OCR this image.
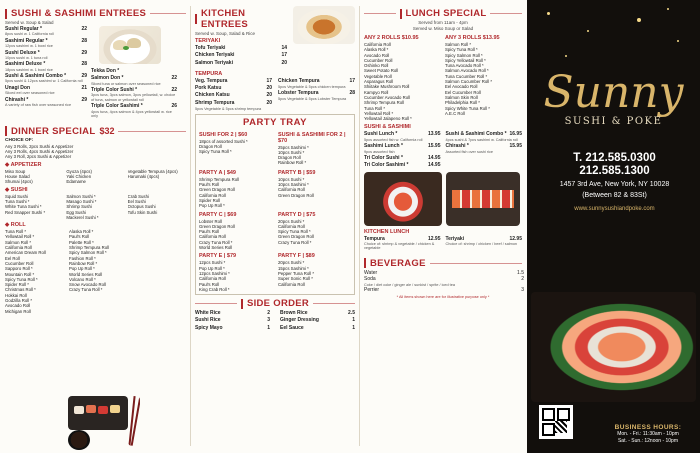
SUSHI & SASHIMI ENTREES
Served w. Soup & Salad
Sushi Regular *	22
8pcs sushi w. 1 California roll
Sashimi Regular *	28
12pcs sashimi w. 1 bowl rice
Sushi Deluxe *	29
10pcs sushi w. 1 tuna roll
Sashimi Deluxe *	28
18pcs sashimi w. 1 bowl rice
Sushi & Sashimi Combo *	29
5pcs sushi & 12pcs sashimi w. 1 California roll
Unagi Don	21
Sliced eel over seasoned rice
Chirashi *	29
A variety of raw fish over seasoned rice
Tekka Don *
Salmon Don *	22
Sliced tuna or salmon over seasoned rice
Triple Color Sushi *	22
3pcs tuna, 3pcs salmon, 3pcs yellowtail, w. choice of tuna, salmon or yellowtail roll
Triple Color Sashimi *	26
4pcs tuna, 4pcs salmon & 4pcs yellowtail w. rice only
DINNER SPECIAL $32
CHOICE OF:
Any 3 Rolls, 2pcs Sushi & Appetizer
Any 3 Rolls, 4pcs Sushi & Appetizer
Any 3 Roll, 2pcs Sushi & Appetizer
◆ APPETIZER
Miso Soup	Gyoza (4pcs)	Vegetable Tempura (4pcs)
House Salad	Yaki Chicken	Harumaki (4pcs)
Shumai (4pcs)	Edamame
◆ SUSHI
Squid Sushi	Salmon Sushi *	Crab Sushi
Tuna Sushi *	Masago Sushi *	Eel Sushi
White Tuna Sushi *	Shrimp Sushi	Octopus Sushi
Red Snapper Sushi *	Egg Sushi	Tofu Skin Sushi
Mackerel Sushi *
◆ ROLL
Tuna Roll *
Yellowtail Roll *
Salmon Roll *
California Roll
American Dream Roll
Eel Roll
Cucumber Roll
Sapporo Roll *
Mountain Roll *
Spicy Tuna Roll *
Spider Roll *
Christmas Roll *
Hokkai Roll
Godzilla Roll *
Avocado Roll
Michigan Roll
Alaska Roll *
Paul's Roll
Palette Roll *
Shrimp Tempura Roll
Spicy Salmon Roll *
Fashion Roll *
Rainbow Roll *
Pop Up Roll *
World Series Roll
Volcano Roll *
Snow Avocado Roll
Crazy Tuna Roll *
KITCHEN ENTREES
Served w. Soup, Salad & Rice
TERIYAKI
Tofu Teriyaki	14
Chicken Teriyaki	17
Salmon Teriyaki	20
TEMPURA
Veg. Tempura	17
Pork Katsu	20
Chicken Katsu	20
Shrimp Tempura	20
5pcs Vegetable & 5pcs shrimp tempura
Chicken Tempura	17
5pcs Vegetable & 5pcs chicken tempura
Lobster Tempura	28
5pcs Vegetable & 5pcs Lobster Tempura
PARTY TRAY
SUSHI FOR 2 | $60
18pcs of assorted Sushi *
Dragon Roll
Spicy Tuna Roll *
SUSHI & SASHIMI FOR 2 | $70
25pcs Sashimi *
10pcs Sushi *
Dragon Roll
Rainbow Roll *
PARTY A | $49
Shrimp Tempura Roll
Paul's Roll
Green Dragon Roll
California Roll
Spider Roll
Pop Up Roll *
PARTY B | $59
10pcs Sushi *
10pcs Sashimi *
California Roll
Green Dragon Roll
PARTY C | $69
Lobster Roll
Green Dragon Roll
Paul's Roll
California Roll
Crazy Tuna Roll *
World Series Roll
PARTY D | $75
20pcs Sushi *
California Roll
Spicy Tuna Roll *
Green Dragon Roll
Crazy Tuna Roll *
PARTY E | $79
12pcs Sushi *
Pop Up Roll *
12pcs Sashimi *
California Roll
Paul's Roll
King Crab Roll *
PARTY F | $89
20pcs Sushi *
15pcs Sashimi *
Pepper Tuna Roll *
Super Sonic Roll *
California Roll
SIDE ORDER
White Rice	2 Brown Rice	2.5
Sushi Rice	3 Ginger Dressing	1
Spicy Mayo	1 Eel Sauce	1
LUNCH SPECIAL
Served from 11am - 4pm
Served w. Miso Soup or Salad
ANY 2 ROLLS $10.95	ANY 3 ROLLS $13.95
California Roll
Alaska Roll *
Avocado Roll
Cucumber Roll
Oshinko Roll
Sweet Potato Roll
Vegetable Roll
Asparagus Roll
Shiitake Mushroom Roll
Kampyo Roll
Cucumber Avocado Roll
Shrimp Tempura Roll
Tuna Roll *
Yellowtail Roll *
Yellowtail Jalapeno Roll *
Salmon Roll *
Spicy Tuna Roll *
Spicy Salmon Roll *
Spicy Yellowtail Roll *
Tuna Avocado Roll *
Salmon Avocado Roll *
Tuna Cucumber Roll *
Salmon Cucumber Roll *
Eel Avocado Roll
Eel Cucumber Roll
Salmon Skin Roll
Philadelphia Roll *
Spicy White Tuna Roll *
A.E.C Roll
SUSHI & SASHIMI
Sushi Lunch *	13.95
5pcs assorted fish w. California roll
Sashimi Lunch *	15.95
9pcs assorted fish
Tri Color Sushi *	14.95
Tri Color Sashimi *	14.95
Sushi & Sashimi Combo * 16.95
4pcs sushi & 7pcs sashimi w. California roll
Chirashi *	15.95
Assorted fish over sushi rice
KITCHEN LUNCH
Tempura	12.95
Choice of: shrimp & vegetable / chicken & vegetable
Teriyaki	12.95
Choice of: shrimp / chicken / beef / salmon
BEVERAGE
Water	1.5
Soda	2
Coke / diet coke / ginger ale / sunkist / sprite / iced tea
Perrier	3
* All items shown here are for illustrative purpose only *
Sunny
SUSHI & POKE
T. 212.585.0300
212.585.1300
1457 3rd Ave, New York, NY 10028
(Between 82 & 83St)
www.sunnysushiandpoke.com
BUSINESS HOURS:
Mon. - Fri.: 11:30am - 10pm
Sat. - Sun.: 12noon - 10pm
